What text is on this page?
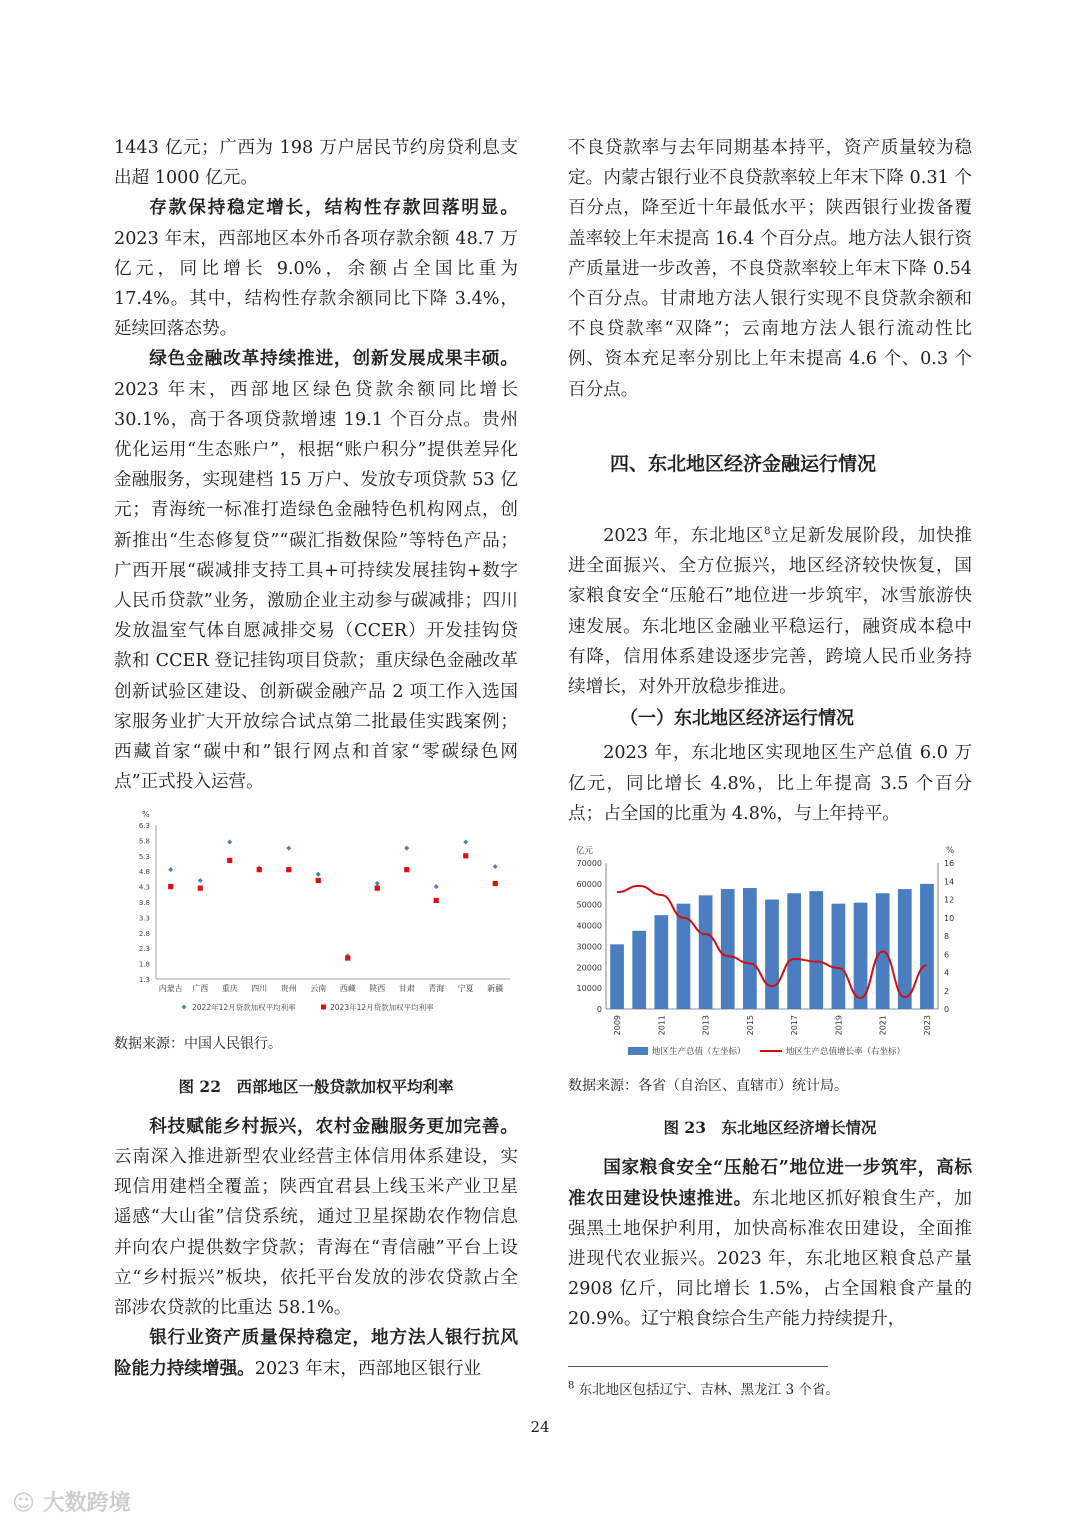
1443 亿元；广西为 198 万户居民节约房贷利息支出超 1000 亿元。

存款保持稳定增长，结构性存款回落明显。2023 年末，西部地区本外币各项存款余额 48.7 万亿元，同比增长 9.0%，余额占全国比重为 17.4%。其中，结构性存款余额同比下降 3.4%，延续回落态势。

绿色金融改革持续推进，创新发展成果丰硕。2023 年末，西部地区绿色贷款余额同比增长 30.1%，高于各项贷款增速 19.1 个百分点。贵州优化运用“生态账户”，根据“账户积分”提供差异化金融服务，实现建档 15 万户、发放专项贷款 53 亿元；青海统一标准打造绿色金融特色机构网点，创新推出“生态修复贷”“碳汇指数保险”等特色产品；广西开展“碳减排支持工具+可持续发展挂钩+数字人民币贷款”业务，激励企业主动参与碳减排；四川发放温室气体自愿减排交易（CCER）开发挂钩贷款和 CCER 登记挂钩项目贷款；重庆绿色金融改革创新试验区建设、创新碳金融产品 2 项工作入选国家服务业扩大开放综合试点第二批最佳实践案例；西藏首家“碳中和”银行网点和首家“零碳绿色网点”正式投入运营。

%
6.3
5.8
5.3
4.8
4.3
3.8
3.3
2.8
2.3
1.8
1.3
内蒙古 广西 重庆 四川 贵州 云南 西藏 陕西 甘肃 青海 宁夏 新疆
2022年12月贷款加权平均利率	2023年12月贷款加权平均利率

数据来源：中国人民银行。

图 22　西部地区一般贷款加权平均利率

科技赋能乡村振兴，农村金融服务更加完善。云南深入推进新型农业经营主体信用体系建设，实现信用建档全覆盖；陕西宜君县上线玉米产业卫星遥感“大山雀”信贷系统，通过卫星探勘农作物信息并向农户提供数字贷款；青海在“青信融”平台上设立“乡村振兴”板块，依托平台发放的涉农贷款占全部涉农贷款的比重达 58.1%。

银行业资产质量保持稳定，地方法人银行抗风险能力持续增强。2023 年末，西部地区银行业

不良贷款率与去年同期基本持平，资产质量较为稳定。内蒙古银行业不良贷款率较上年末下降 0.31 个百分点，降至近十年最低水平；陕西银行业拨备覆盖率较上年末提高 16.4 个百分点。地方法人银行资产质量进一步改善，不良贷款率较上年末下降 0.54 个百分点。甘肃地方法人银行实现不良贷款余额和不良贷款率“双降”；云南地方法人银行流动性比例、资本充足率分别比上年末提高 4.6 个、0.3 个百分点。

四、东北地区经济金融运行情况

2023 年，东北地区$^8$立足新发展阶段，加快推进全面振兴、全方位振兴，地区经济较快恢复，国家粮食安全“压舱石”地位进一步筑牢，冰雪旅游快速发展。东北地区金融业平稳运行，融资成本稳中有降，信用体系建设逐步完善，跨境人民币业务持续增长，对外开放稳步推进。

（一）东北地区经济运行情况

2023 年，东北地区实现地区生产总值 6.0 万亿元，同比增长 4.8%，比上年提高 3.5 个百分点；占全国的比重为 4.8%，与上年持平。

亿元	%
70000
60000
50000
40000
30000
20000
10000
0
16
14
12
10
8
6
4
2
0
2009	2011	2013	2015	2017	2019	2021	2023
地区生产总值（左坐标）	地区生产总值增长率（右坐标）

数据来源：各省（自治区、直辖市）统计局。

图 23　东北地区经济增长情况

国家粮食安全“压舱石”地位进一步筑牢，高标准农田建设快速推进。东北地区抓好粮食生产，加强黑土地保护利用，加快高标准农田建设，全面推进现代农业振兴。2023 年，东北地区粮食总产量 2908 亿斤，同比增长 1.5%，占全国粮食产量的 20.9%。辽宁粮食综合生产能力持续提升，

$^8$ 东北地区包括辽宁、吉林、黑龙江 3 个省。
24
☺ 大数跨境
